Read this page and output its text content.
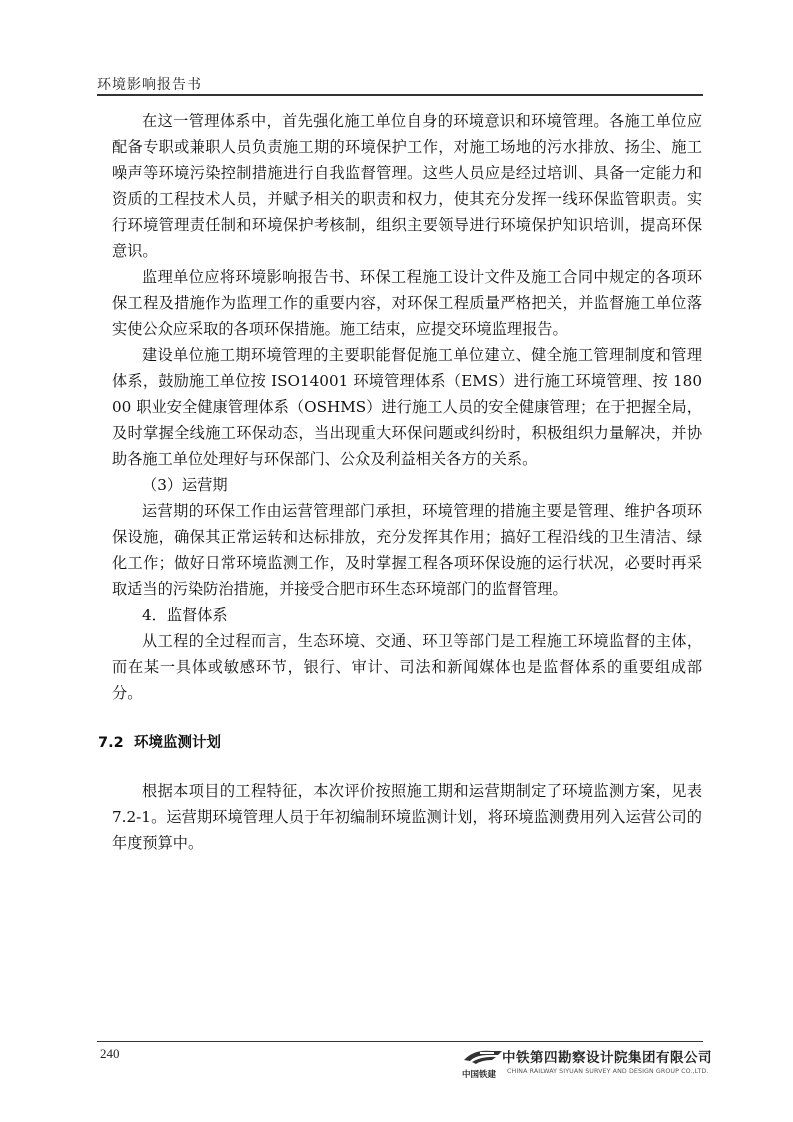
环境影响报告书

在这一管理体系中，首先强化施工单位自身的环境意识和环境管理。各施工单位应配备专职或兼职人员负责施工期的环境保护工作，对施工场地的污水排放、扬尘、施工噪声等环境污染控制措施进行自我监督管理。这些人员应是经过培训、具备一定能力和资质的工程技术人员，并赋予相关的职责和权力，使其充分发挥一线环保监管职责。实行环境管理责任制和环境保护考核制，组织主要领导进行环境保护知识培训，提高环保意识。

监理单位应将环境影响报告书、环保工程施工设计文件及施工合同中规定的各项环保工程及措施作为监理工作的重要内容，对环保工程质量严格把关，并监督施工单位落实使公众应采取的各项环保措施。施工结束，应提交环境监理报告。

建设单位施工期环境管理的主要职能督促施工单位建立、健全施工管理制度和管理体系，鼓励施工单位按 ISO14001 环境管理体系（EMS）进行施工环境管理、按 18000 职业安全健康管理体系（OSHMS）进行施工人员的安全健康管理；在于把握全局，及时掌握全线施工环保动态，当出现重大环保问题或纠纷时，积极组织力量解决，并协助各施工单位处理好与环保部门、公众及利益相关各方的关系。

（3）运营期

运营期的环保工作由运营管理部门承担，环境管理的措施主要是管理、维护各项环保设施，确保其正常运转和达标排放，充分发挥其作用；搞好工程沿线的卫生清洁、绿化工作；做好日常环境监测工作，及时掌握工程各项环保设施的运行状况，必要时再采取适当的污染防治措施，并接受合肥市环生态环境部门的监督管理。

4．监督体系

从工程的全过程而言，生态环境、交通、环卫等部门是工程施工环境监督的主体，而在某一具体或敏感环节，银行、审计、司法和新闻媒体也是监督体系的重要组成部分。

7.2 环境监测计划

根据本项目的工程特征，本次评价按照施工期和运营期制定了环境监测方案，见表 7.2-1。运营期环境管理人员于年初编制环境监测计划，将环境监测费用列入运营公司的年度预算中。

240
中国铁建
中铁第四勘察设计院集团有限公司
CHINA RAILWAY SIYUAN SURVEY AND DESIGN GROUP CO.,LTD.
